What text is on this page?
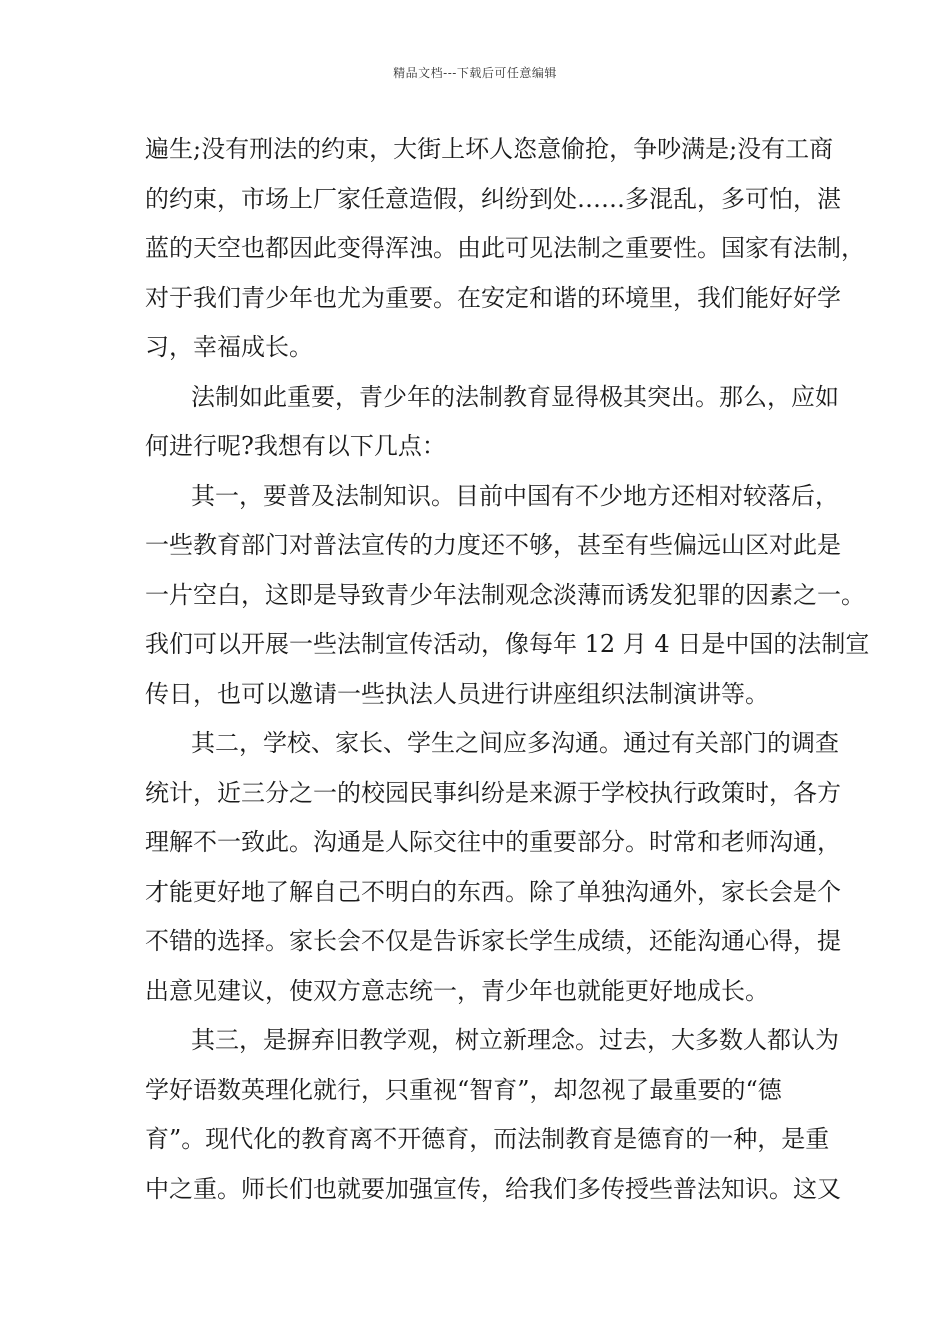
精品文档---下载后可任意编辑
遍生;没有刑法的约束，大街上坏人恣意偷抢，争吵满是;没有工商
的约束，市场上厂家任意造假，纠纷到处……多混乱，多可怕，湛
蓝的天空也都因此变得浑浊。由此可见法制之重要性。国家有法制，
对于我们青少年也尤为重要。在安定和谐的环境里，我们能好好学
习，幸福成长。
法制如此重要，青少年的法制教育显得极其突出。那么，应如
何进行呢?我想有以下几点：
其一，要普及法制知识。目前中国有不少地方还相对较落后，
一些教育部门对普法宣传的力度还不够，甚至有些偏远山区对此是
一片空白，这即是导致青少年法制观念淡薄而诱发犯罪的因素之一。
我们可以开展一些法制宣传活动，像每年 12 月 4 日是中国的法制宣
传日，也可以邀请一些执法人员进行讲座组织法制演讲等。
其二，学校、家长、学生之间应多沟通。通过有关部门的调查
统计，近三分之一的校园民事纠纷是来源于学校执行政策时，各方
理解不一致此。沟通是人际交往中的重要部分。时常和老师沟通，
才能更好地了解自己不明白的东西。除了单独沟通外，家长会是个
不错的选择。家长会不仅是告诉家长学生成绩，还能沟通心得，提
出意见建议，使双方意志统一，青少年也就能更好地成长。
其三，是摒弃旧教学观，树立新理念。过去，大多数人都认为
学好语数英理化就行，只重视“智育”，却忽视了最重要的“德
育”。现代化的教育离不开德育，而法制教育是德育的一种，是重
中之重。师长们也就要加强宣传，给我们多传授些普法知识。这又
